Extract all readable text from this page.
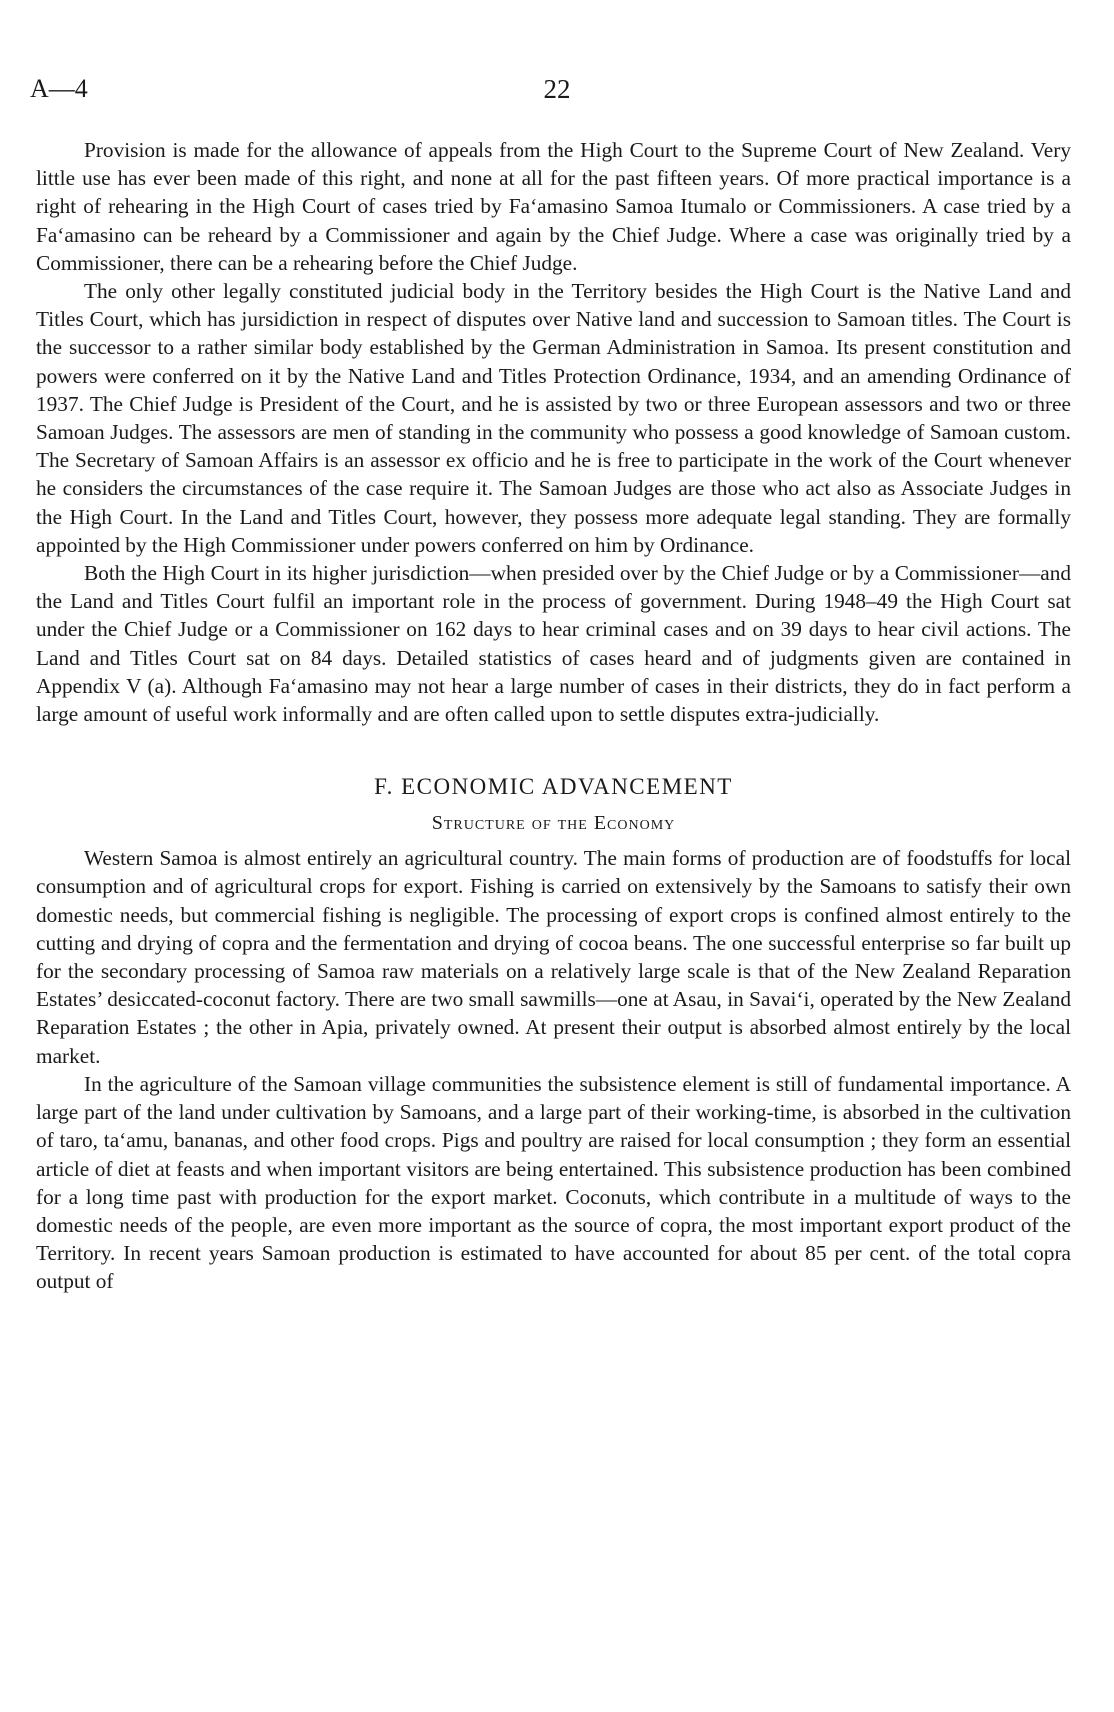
A—4	22

Provision is made for the allowance of appeals from the High Court to the Supreme Court of New Zealand. Very little use has ever been made of this right, and none at all for the past fifteen years. Of more practical importance is a right of rehearing in the High Court of cases tried by Fa‘amasino Samoa Itumalo or Commissioners. A case tried by a Fa‘amasino can be reheard by a Commissioner and again by the Chief Judge. Where a case was originally tried by a Commissioner, there can be a rehearing before the Chief Judge.

The only other legally constituted judicial body in the Territory besides the High Court is the Native Land and Titles Court, which has jursidiction in respect of disputes over Native land and succession to Samoan titles. The Court is the successor to a rather similar body established by the German Administration in Samoa. Its present constitution and powers were conferred on it by the Native Land and Titles Protection Ordinance, 1934, and an amending Ordinance of 1937. The Chief Judge is President of the Court, and he is assisted by two or three European assessors and two or three Samoan Judges. The assessors are men of standing in the community who possess a good knowledge of Samoan custom. The Secretary of Samoan Affairs is an assessor ex officio and he is free to participate in the work of the Court whenever he considers the circumstances of the case require it. The Samoan Judges are those who act also as Associate Judges in the High Court. In the Land and Titles Court, however, they possess more adequate legal standing. They are formally appointed by the High Commissioner under powers conferred on him by Ordinance.

Both the High Court in its higher jurisdiction—when presided over by the Chief Judge or by a Commissioner—and the Land and Titles Court fulfil an important role in the process of government. During 1948–49 the High Court sat under the Chief Judge or a Commissioner on 162 days to hear criminal cases and on 39 days to hear civil actions. The Land and Titles Court sat on 84 days. Detailed statistics of cases heard and of judgments given are contained in Appendix V (a). Although Fa‘amasino may not hear a large number of cases in their districts, they do in fact perform a large amount of useful work informally and are often called upon to settle disputes extra-judicially.

F. ECONOMIC ADVANCEMENT
Structure of the Economy

Western Samoa is almost entirely an agricultural country. The main forms of production are of foodstuffs for local consumption and of agricultural crops for export. Fishing is carried on extensively by the Samoans to satisfy their own domestic needs, but commercial fishing is negligible. The processing of export crops is confined almost entirely to the cutting and drying of copra and the fermentation and drying of cocoa beans. The one successful enterprise so far built up for the secondary processing of Samoa raw materials on a relatively large scale is that of the New Zealand Reparation Estates’ desiccated-coconut factory. There are two small sawmills—one at Asau, in Savai‘i, operated by the New Zealand Reparation Estates ; the other in Apia, privately owned. At present their output is absorbed almost entirely by the local market.

In the agriculture of the Samoan village communities the subsistence element is still of fundamental importance. A large part of the land under cultivation by Samoans, and a large part of their working-time, is absorbed in the cultivation of taro, ta‘amu, bananas, and other food crops. Pigs and poultry are raised for local consumption ; they form an essential article of diet at feasts and when important visitors are being entertained. This subsistence production has been combined for a long time past with production for the export market. Coconuts, which contribute in a multitude of ways to the domestic needs of the people, are even more important as the source of copra, the most important export product of the Territory. In recent years Samoan production is estimated to have accounted for about 85 per cent. of the total copra output of
